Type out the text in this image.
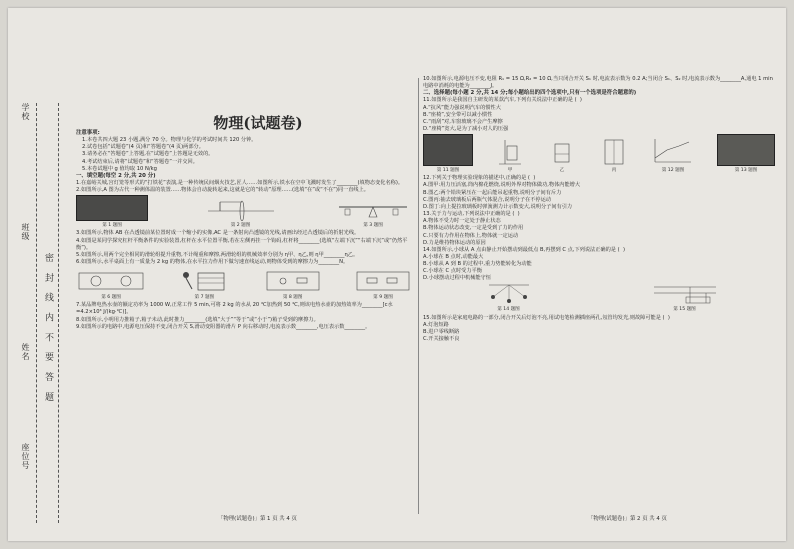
学校
班级
姓名
座位号
密 封 线 内 不 要 答 题
物理(试题卷)
注意事项:
1.本卷共四大题 23 小题,满分 70 分。物理与化学的考试时间共 120 分钟。
2.试卷包括“试题卷”(4 页)和“答题卷”(4 页)两部分。
3.请务必在“答题卷”上答题,在“试题卷”上答题是无效的。
4.考试结束后,请将“试题卷”和“答题卷”一并交回。
5.本卷试题中 g 值均取 10 N/kg
一、填空题(每空 2 分,共 20 分)
1.在嘉峪关城,宫灯笼等形式的“打铁花”表演,是一种传统民间烟火技艺,匠人……如图所示,铁水在空中飞溅时发生了________(填物态变化名称)。
2.如图所示,A 图为古代一种测体温的装置……物体会自动旋转起来,这就是它的“转动”原理……(选填“在”或“不在”)同一直线上。
第 1 题图	第 2 题图	第 3 题图
3.如图所示,物体 AB 在凸透镜前某位置时成一个缩小的实像,AC 是一条射向凸透镜的光线,请画出经过凸透镜后的折射光线。
4.如图是某同学探究杠杆平衡条件的实验装置,杠杆在水平位置平衡,若在左侧再挂一个钩码,杠杆将________(选填“左端下沉”“右端下沉”或“仍然平衡”)。
5.如图所示,用两个完全相同的滑轮组提升重物,不计绳重和摩擦,两滑轮组的机械效率分别为 η甲、η乙,则 η甲________η乙。
6.如图所示,水平桌面上有一质量为 2 kg 的物体,在水平拉力作用下做匀速直线运动,则物体受到的摩擦力为________N。
第 6 题图	第 7 题图	第 8 题图	第 9 题图
7.某品牌电热水壶的额定功率为 1000 W,正常工作 5 min,可将 2 kg 的水从 20 ℃加热到 50 ℃,则该电热水壶的加热效率为________[c水=4.2×10³ J/(kg·℃)]。
8.如图所示,小明用力推箱子,箱子未动,此时推力________(选填“大于”“等于”或“小于”)箱子受到的摩擦力。
9.如图所示的电路中,电源电压保持不变,闭合开关 S,滑动变阻器的滑片 P 向右移动时,电流表示数________,电压表示数________。
「物理(试题卷)」第 1 页 共 4 页
10.如图所示,电源电压不变,电阻 R₁ = 15 Ω,R₂ = 10 Ω,当只闭合开关 S₁ 时,电流表示数为 0.2 A;当闭合 S₁、S₂ 时,电流表示数为________A,通电 1 min 电路中消耗的电能为________J。
二、选择题(每小题 2 分,共 14 分;每小题给出的四个选项中,只有一个选项是符合题意的)
11.如图所示是我国自主研发的某款汽车,下列有关说法中正确的是 (  )
A.“抗风”能力强说明汽车的惯性大
B.“座椅”,安全带可以减小惯性
C.“雨刮”对,车窗玻璃不会产生摩擦
D.“座椅”宽大,是为了减小对人的压强
第 11 题图	甲	乙	丙	第 12 题图	第 13 题图
12.下列关于物理实验现象的描述中,正确的是 (  )
A.图甲:用力压活塞,筒内棉花燃烧,说明外界对物体做功,物体内能增大
B.图乙:两个铅块紧压在一起后能吊起重物,说明分子间有斥力
C.图丙:抽去玻璃板后两瓶气体混合,说明分子在不停运动
D.图丁:向上提拉玻璃板时弹簧测力计示数变大,说明分子间有引力
13.关于力与运动,下列说法中正确的是 (  )
A.物体不受力时一定处于静止状态
B.物体运动状态改变,一定是受到了力的作用
C.只要有力作用在物体上,物体就一定运动
D.力是维持物体运动的原因
14.如图所示,小球从 A 点由静止开始摆动到最低点 B,再摆到 C 点,下列说法正确的是 (  )
A.小球在 B 点时,动能最大
B.小球从 A 到 B 的过程中,重力势能转化为动能
C.小球在 C 点时受力平衡
D.小球摆动过程中机械能守恒
第 14 题图	第 15 题图
15.如图所示是家庭电路的一部分,闭合开关后灯泡不亮,用试电笔检测插座两孔,氖管均发光,则故障可能是 (  )
A.灯泡短路
B.进户零线断路
C.开关接触不良
「物理(试题卷)」第 2 页 共 4 页
